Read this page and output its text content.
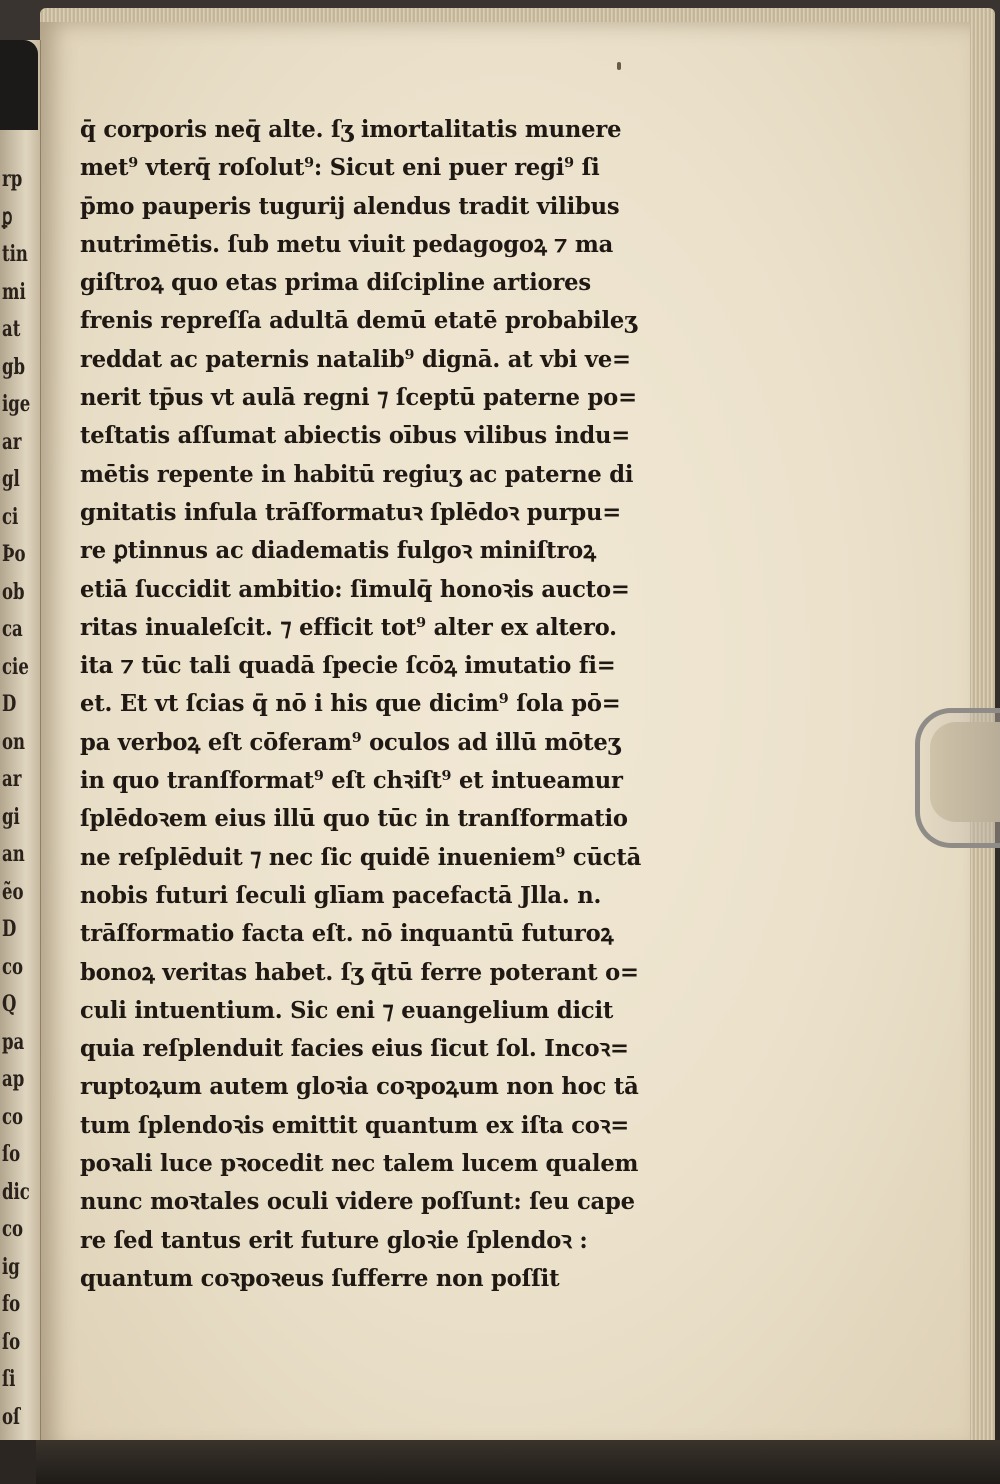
rp
ꝑ
tin
mi
at
gb
ige
ar
gl
ci
Þo
ob
ca
cie
D
on
ar
gi
an
ẽo
D
co
Q
pa
ap
co
ſo
dic
co
ig
fo
ſo
ſi
oſ
q̄ corporis neq̄ alte. ſʒ imortalitatis munere
met⁹ vterq̄ roſolut⁹: Sicut eni puer regi⁹ ſi
p̄mo pauperis tugurij alendus tradit vilibus
nutrimētis. ſub metu viuit pedagogoꝝ ⁊ ma
giſtroꝝ quo etas prima diſcipline artiores
frenis repreſſa adultā demū etatē probabileʒ
reddat ac paternis natalib⁹ dignā. at vbi ve=
nerit tp̄us vt aulā regni ⁊ ſceptū paterne po=
teſtatis aſſumat abiectis oībus vilibus indu=
mētis repente in habitū regiuʒ ac paterne di
gnitatis infula trāſformatuꝛ ſplēdoꝛ purpu=
re ꝑtinnus ac diadematis fulgoꝛ miniſtroꝝ
etiā ſuccidit ambitio: ſimulq̄ honoꝛis aucto=
ritas inualeſcit. ⁊ efficit tot⁹ alter ex altero.
ita ⁊ tūc tali quadā ſpecie ſcōꝝ imutatio fi=
et. Et vt ſcias q̄ nō i his que dicim⁹ ſola pō=
pa verboꝝ eſt cōferam⁹ oculos ad illū mōteʒ
in quo tranſformat⁹ eſt chꝛiſt⁹ et intueamur
ſplēdoꝛem eius illū quo tūc in tranſformatio
ne reſplēduit ⁊ nec ſic quidē inueniem⁹ cūctā
nobis futuri ſeculi glīam pacefactā Jlla. n.
trāſformatio facta eſt. nō inquantū futuroꝝ
bonoꝝ veritas habet. ſʒ q̄tū ferre poterant o=
culi intuentium. Sic eni ⁊ euangelium dicit
quia reſplenduit facies eius ſicut ſol. Incoꝛ=
ruptoꝝum autem gloꝛia coꝛpoꝝum non hoc tā
tum ſplendoꝛis emittit quantum ex iſta coꝛ=
poꝛali luce pꝛocedit nec talem lucem qualem
nunc moꝛtales oculi videre poſſunt: ſeu cape
re ſed tantus erit future gloꝛie ſplendoꝛ :
quantum coꝛpoꝛeus ſufferre non poſſit
